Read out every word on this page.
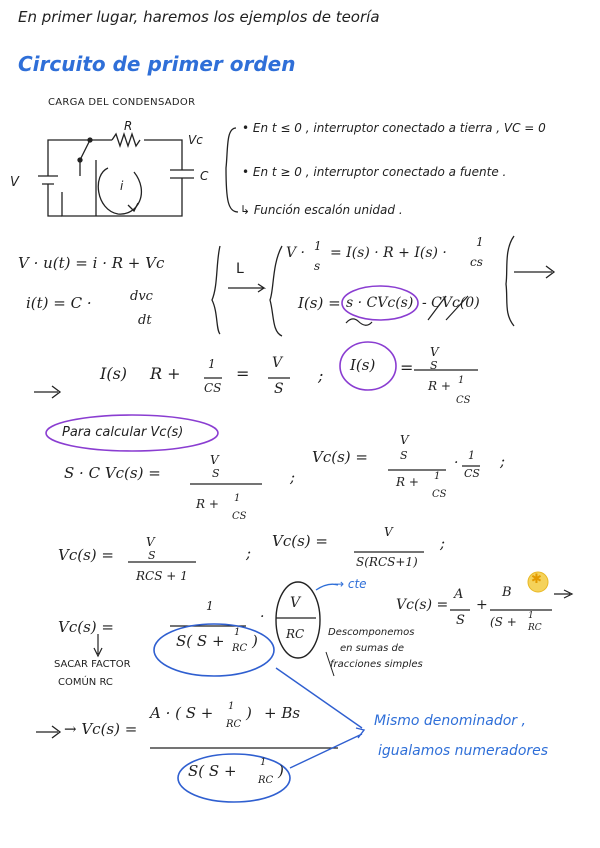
En primer lugar, haremos los ejemplos de teoría
Circuito de primer orden
CARGA DEL CONDENSADOR
R
Vc
C
V	i
• En t ≤ 0 , interruptor conectado a tierra , VC = 0
• En t ≥ 0 , interruptor conectado a fuente .
↳ Función escalón unidad .
V · u(t) = i · R + Vc
i(t) = C ·	dvc
dt
L
V · 1
s
= I(s) · R + I(s) ·
1
cs
I(s) = s · CVc(s) - CVc(0)
I(s) R + 1
CS
=
V
S
;
I(s) =
V
S
R + 1
CS
Para calcular Vc(s)
S · C Vc(s) =
V
S
R + 1
CS
;
Vc(s) =
V
S
R + 1
CS
· 1
CS
;
Vc(s) =
V
S
RCS + 1
;
Vc(s) =	V
S(RCS+1)
;
Vc(s) =
1
S( S + 1
RC )
·
V
RC
→ cte
SACAR FACTOR
COMÚN RC
Descomponemos
en sumas de
fracciones simples
Vc(s) =
A
S
+
B
(S + 1
RC
✱
→ Vc(s) =
A · ( S + 1
RC
) + Bs
S( S + 1
RC
)
Mismo denominador ,
igualamos numeradores
